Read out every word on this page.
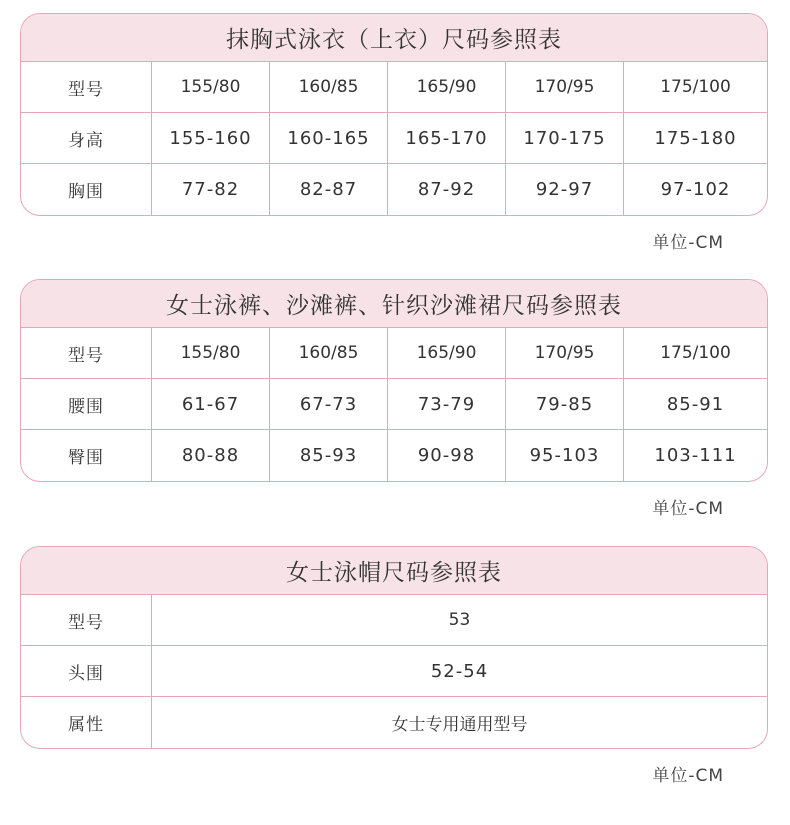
抹胸式泳衣（上衣）尺码参照表
型号	155/80	160/85	165/90	170/95	175/100
身高	155-160	160-165	165-170	170-175	175-180
胸围	77-82	82-87	87-92	92-97	97-102
单位-CM
女士泳裤、沙滩裤、针织沙滩裙尺码参照表
型号	155/80	160/85	165/90	170/95	175/100
腰围	61-67	67-73	73-79	79-85	85-91
臀围	80-88	85-93	90-98	95-103	103-111
单位-CM
女士泳帽尺码参照表
型号	53
头围	52-54
属性	女士专用通用型号
单位-CM
